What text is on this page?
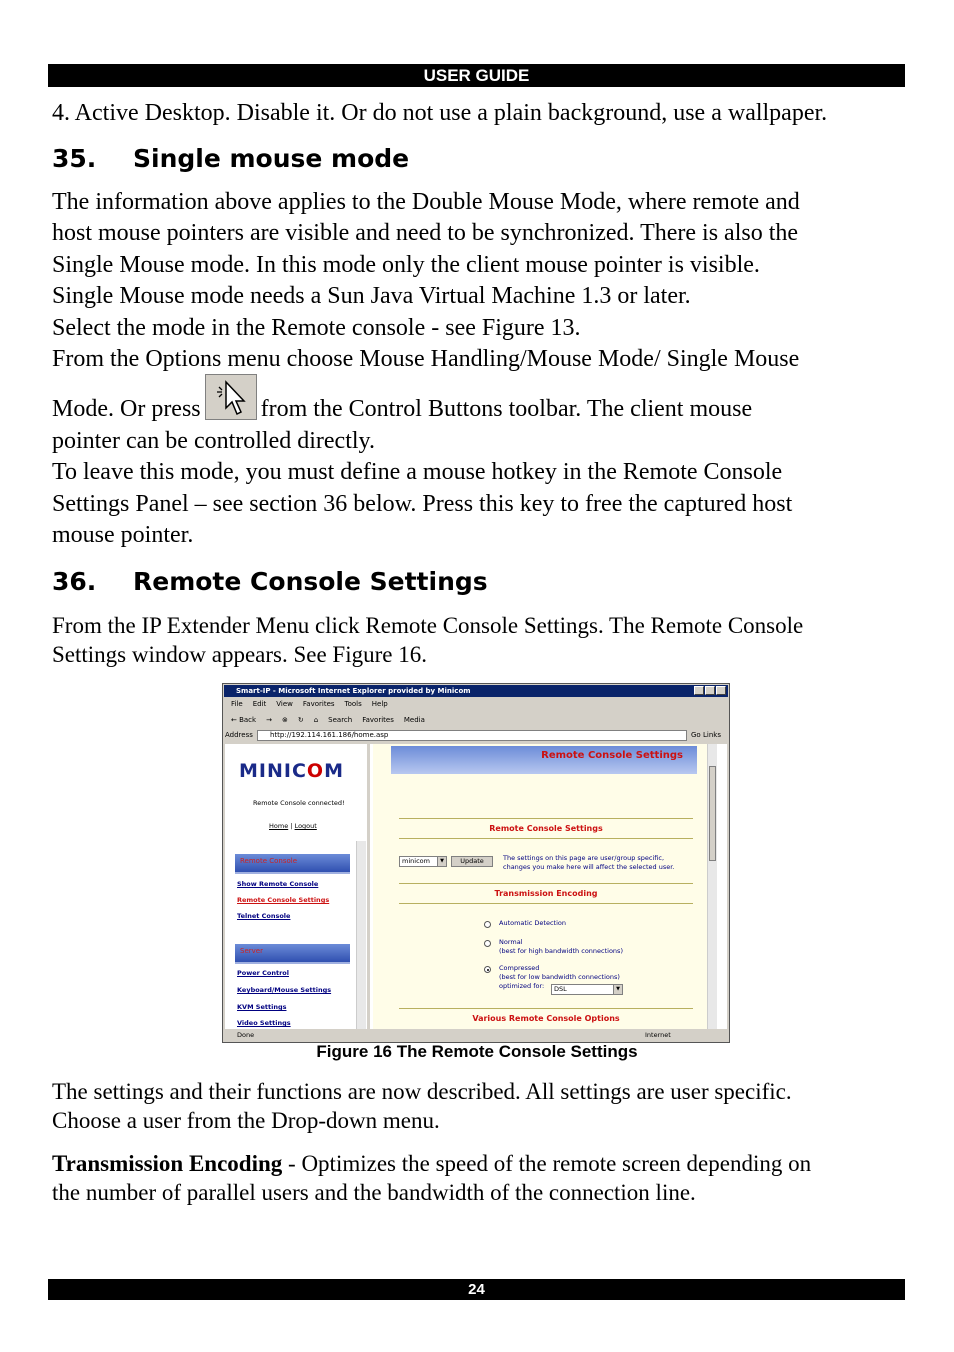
USER GUIDE
4. Active Desktop. Disable it. Or do not use a plain background, use a wallpaper.
35. Single mouse mode
The information above applies to the Double Mouse Mode, where remote and
host mouse pointers are visible and need to be synchronized. There is also the
Single Mouse mode. In this mode only the client mouse pointer is visible.
Single Mouse mode needs a Sun Java Virtual Machine 1.3 or later.
Select the mode in the Remote console - see Figure 13.
From the Options menu choose Mouse Handling/Mouse Mode/ Single Mouse
Mode. Or press	from the Control Buttons toolbar. The client mouse
pointer can be controlled directly.
To leave this mode, you must define a mouse hotkey in the Remote Console
Settings Panel – see section 36 below. Press this key to free the captured host
mouse pointer.
36. Remote Console Settings
From the IP Extender Menu click Remote Console Settings. The Remote Console
Settings window appears. See Figure 16.
Smart-IP - Microsoft Internet Explorer provided by Minicom
File Edit View Favorites Tools Help
← Back → ⊗ ↻ ⌂ Search Favorites Media
Address	http://192.114.161.186/home.asp	Go Links
MINICOM
Remote Console connected!
Home | Logout
Remote Console
Show Remote Console
Remote Console Settings
Telnet Console
Server
Power Control
Keyboard/Mouse Settings
KVM Settings
Video Settings
Remote Console Settings
Remote Console Settings
minicom	▼	Update	The settings on this page are user/group specific,
changes you make here will affect the selected user.
Transmission Encoding
Automatic Detection
Normal
(best for high bandwidth connections)
Compressed
(best for low bandwidth connections)
optimized for:	DSL	▼
Various Remote Console Options
Done	Internet
Figure 16 The Remote Console Settings
The settings and their functions are now described. All settings are user specific.
Choose a user from the Drop-down menu.
Transmission Encoding - Optimizes the speed of the remote screen depending on
the number of parallel users and the bandwidth of the connection line.
24
